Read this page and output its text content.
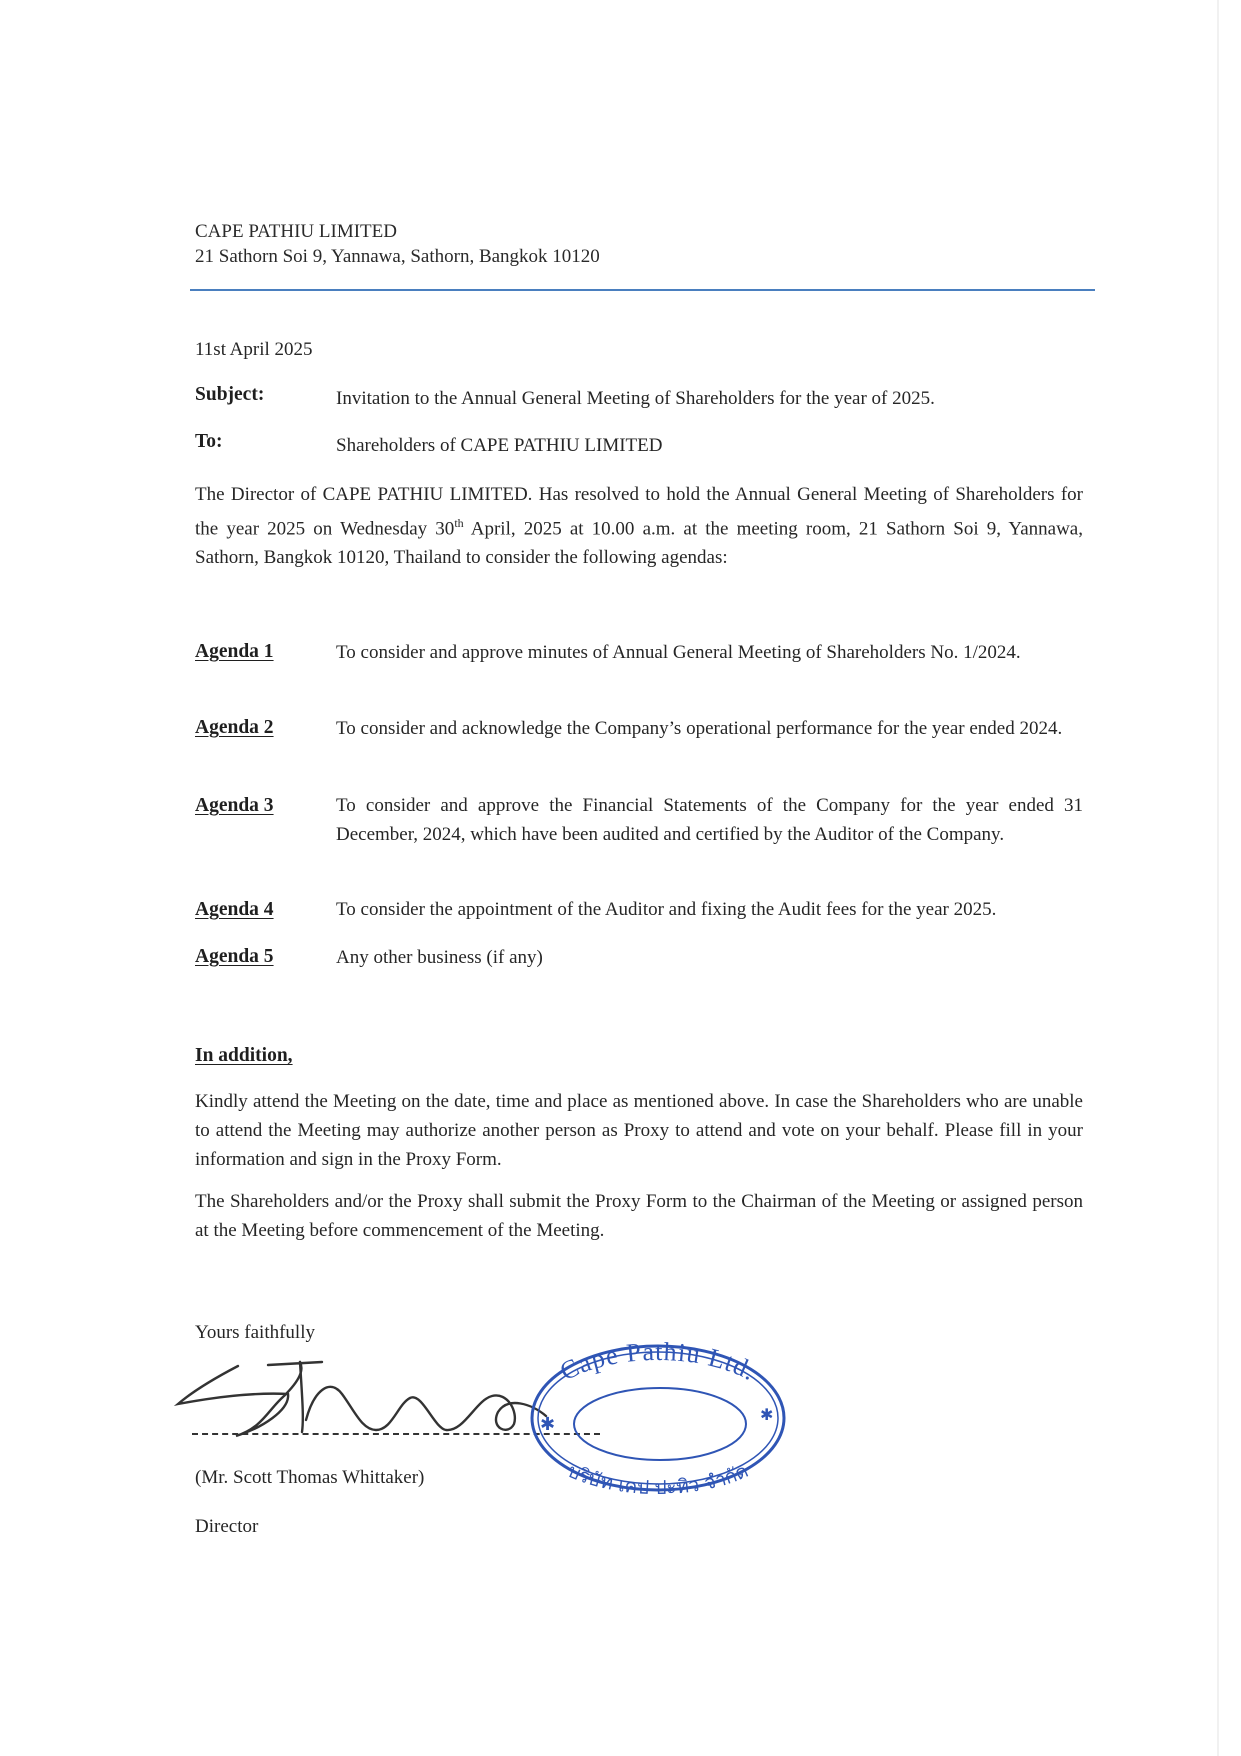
CAPE PATHIU LIMITED
21 Sathorn Soi 9, Yannawa, Sathorn, Bangkok 10120
11st April 2025
Subject:	Invitation to the Annual General Meeting of Shareholders for the year of 2025.
To:	Shareholders of CAPE PATHIU LIMITED
The Director of CAPE PATHIU LIMITED. Has resolved to hold the Annual General Meeting of Shareholders for the year 2025 on Wednesday 30th April, 2025 at 10.00 a.m. at the meeting room, 21 Sathorn Soi 9, Yannawa, Sathorn, Bangkok 10120, Thailand to consider the following agendas:
Agenda 1	To consider and approve minutes of Annual General Meeting of Shareholders No. 1/2024.
Agenda 2	To consider and acknowledge the Company’s operational performance for the year ended 2024.
Agenda 3	To consider and approve the Financial Statements of the Company for the year ended 31 December, 2024, which have been audited and certified by the Auditor of the Company.
Agenda 4	To consider the appointment of the Auditor and fixing the Audit fees for the year 2025.
Agenda 5	Any other business (if any)
In addition,
Kindly attend the Meeting on the date, time and place as mentioned above. In case the Shareholders who are unable to attend the Meeting may authorize another person as Proxy to attend and vote on your behalf. Please fill in your information and sign in the Proxy Form.
The Shareholders and/or the Proxy shall submit the Proxy Form to the Chairman of the Meeting or assigned person at the Meeting before commencement of the Meeting.
Yours faithfully
Cape Pathiu Ltd.
บริษัท เคป ปะทิว จำกัด
✱	✱
(Mr. Scott Thomas Whittaker)
Director
